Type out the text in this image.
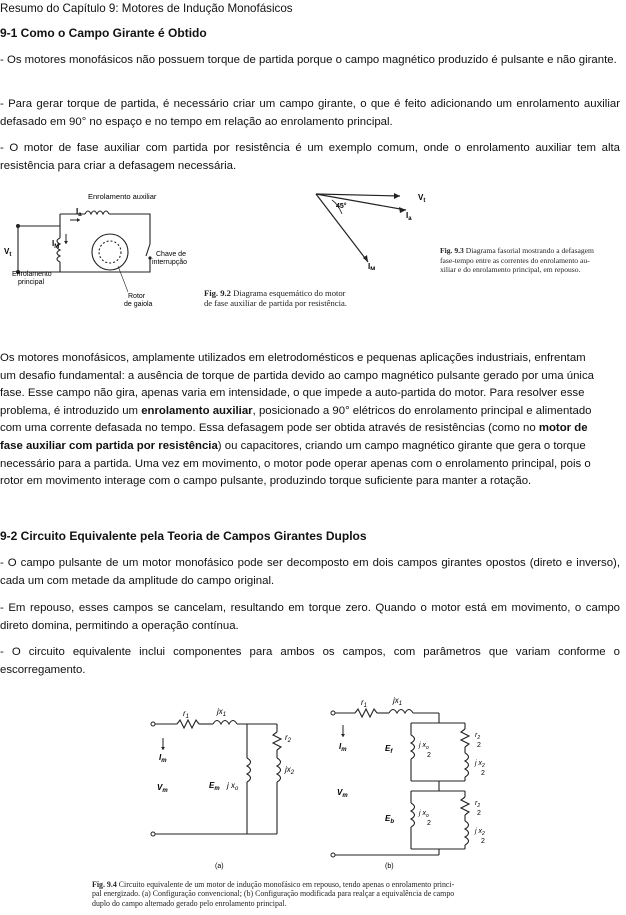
Resumo do Capítulo 9: Motores de Indução Monofásicos
9-1 Como o Campo Girante é Obtido

- Os motores monofásicos não possuem torque de partida porque o campo magnético produzido é pulsante e não girante.

- Para gerar torque de partida, é necessário criar um campo girante, o que é feito adicionando um enrolamento auxiliar defasado em 90° no espaço e no tempo em relação ao enrolamento principal.

- O motor de fase auxiliar com partida por resistência é um exemplo comum, onde o enrolamento auxiliar tem alta resistência para criar a defasagem necessária.

Enrolamento auxiliar
$I_a$
$I_M$
$V_t$
Enrolamento
principal
Chave de
interrupção
Rotor
de gaiola
Fig. 9.2 Diagrama esquemático do motor
de fase auxiliar de partida por resistência.
45°
$V_t$
$I_a$
$I_M$
Fig. 9.3 Diagrama fasorial mostrando a defasagem
fase-tempo entre as correntes do enrolamento au-
xiliar e do enrolamento principal, em repouso.
Os motores monofásicos, amplamente utilizados em eletrodomésticos e pequenas aplicações industriais, enfrentam
um desafio fundamental: a ausência de torque de partida devido ao campo magnético pulsante gerado por uma única
fase. Esse campo não gira, apenas varia em intensidade, o que impede a auto-partida do motor. Para resolver esse
problema, é introduzido um enrolamento auxiliar, posicionado a 90° elétricos do enrolamento principal e alimentado
com uma corrente defasada no tempo. Essa defasagem pode ser obtida através de resistências (como no motor de
fase auxiliar com partida por resistência) ou capacitores, criando um campo magnético girante que gera o torque
necessário para a partida. Uma vez em movimento, o motor pode operar apenas com o enrolamento principal, pois o
rotor em movimento interage com o campo pulsante, produzindo torque suficiente para manter a rotação.
9-2 Circuito Equivalente pela Teoria de Campos Girantes Duplos

- O campo pulsante de um motor monofásico pode ser decomposto em dois campos girantes opostos (direto e inverso), cada um com metade da amplitude do campo original.

- Em repouso, esses campos se cancelam, resultando em torque zero. Quando o motor está em movimento, o campo direto domina, permitindo a operação contínua.

- O circuito equivalente inclui componentes para ambos os campos, com parâmetros que variam conforme o escorregamento.

$r_1$
$jx_1$
$I_m$
$V_m$
$E_m$ j $x_o$
$r_2$
$jx_2$
(a)
$r_1$
$jx_1$
$I_m$
$V_m$
$E_f$
$E_b$
j $x_o$
2
j $x_o$
2
$r_2$
2
j $x_2$
2
$r_2$
2
j $x_2$
2
(b)
Fig. 9.4 Circuito equivalente de um motor de indução monofásico em repouso, tendo apenas o enrolamento princi-
pal energizado. (a) Configuração convencional; (b) Configuração modificada para realçar a equivalência de campo
duplo do campo alternado gerado pelo enrolamento principal.
